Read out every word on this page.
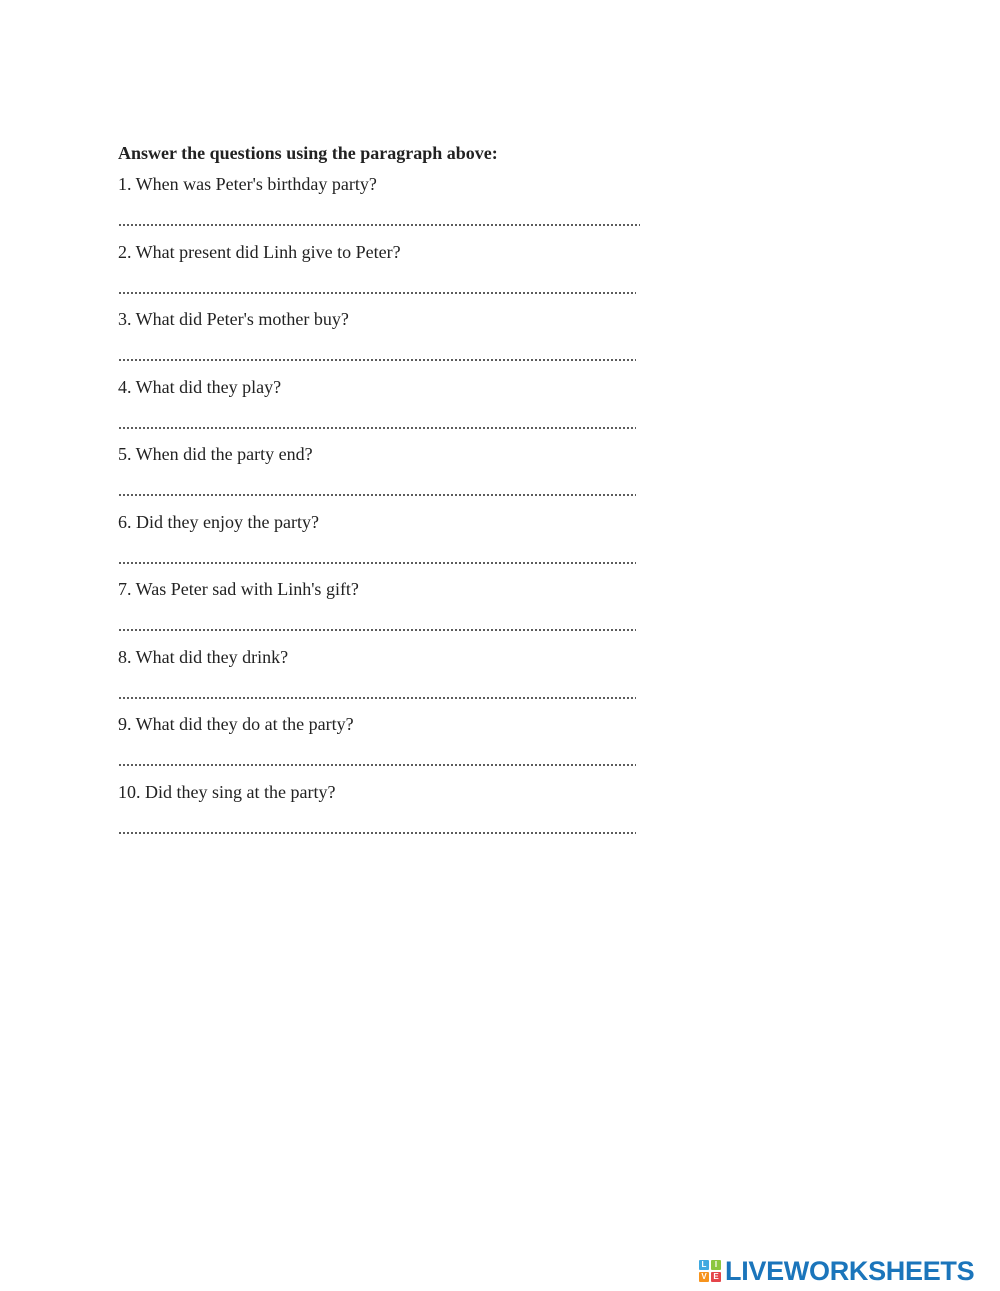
Answer the questions using the paragraph above:

1. When was Peter's birthday party?
2. What present did Linh give to Peter?
3. What did Peter's mother buy?
4. What did they play?
5. When did the party end?
6. Did they enjoy the party?
7. Was Peter sad with Linh's gift?
8. What did they drink?
9. What did they do at the party?
10. Did they sing at the party?
L	I
V E LIVEWORKSHEETS
